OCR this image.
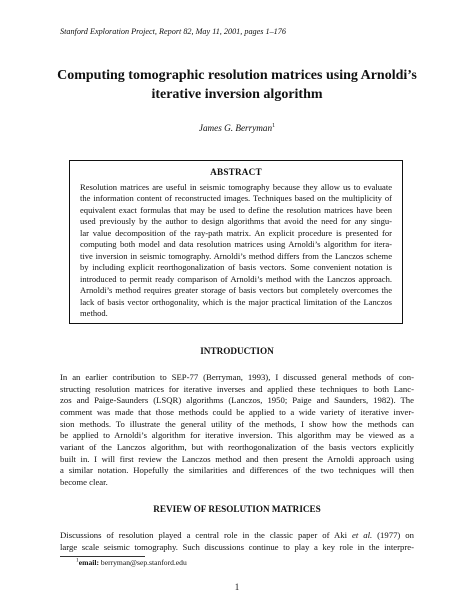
Stanford Exploration Project, Report 82, May 11, 2001, pages 1–176
Computing tomographic resolution matrices using Arnoldi’s
iterative inversion algorithm
James G. Berryman$^1$
ABSTRACT
Resolution matrices are useful in seismic tomography because they allow us to evaluate
the information content of reconstructed images. Techniques based on the multiplicity of
equivalent exact formulas that may be used to define the resolution matrices have been
used previously by the author to design algorithms that avoid the need for any singu-
lar value decomposition of the ray-path matrix. An explicit procedure is presented for
computing both model and data resolution matrices using Arnoldi’s algorithm for itera-
tive inversion in seismic tomography. Arnoldi’s method differs from the Lanczos scheme
by including explicit reorthogonalization of basis vectors. Some convenient notation is
introduced to permit ready comparison of Arnoldi’s method with the Lanczos approach.
Arnoldi’s method requires greater storage of basis vectors but completely overcomes the
lack of basis vector orthogonality, which is the major practical limitation of the Lanczos
method.
INTRODUCTION
In an earlier contribution to SEP-77 (Berryman, 1993), I discussed general methods of con-
structing resolution matrices for iterative inverses and applied these techniques to both Lanc-
zos and Paige-Saunders (LSQR) algorithms (Lanczos, 1950; Paige and Saunders, 1982). The
comment was made that those methods could be applied to a wide variety of iterative inver-
sion methods. To illustrate the general utility of the methods, I show how the methods can
be applied to Arnoldi’s algorithm for iterative inversion. This algorithm may be viewed as a
variant of the Lanczos algorithm, but with reorthogonalization of the basis vectors explicitly
built in. I will first review the Lanczos method and then present the Arnoldi approach using
a similar notation. Hopefully the similarities and differences of the two techniques will then
become clear.
REVIEW OF RESOLUTION MATRICES
Discussions of resolution played a central role in the classic paper of Aki et al. (1977) on
large scale seismic tomography. Such discussions continue to play a key role in the interpre-
$^1$email: berryman@sep.stanford.edu
1
